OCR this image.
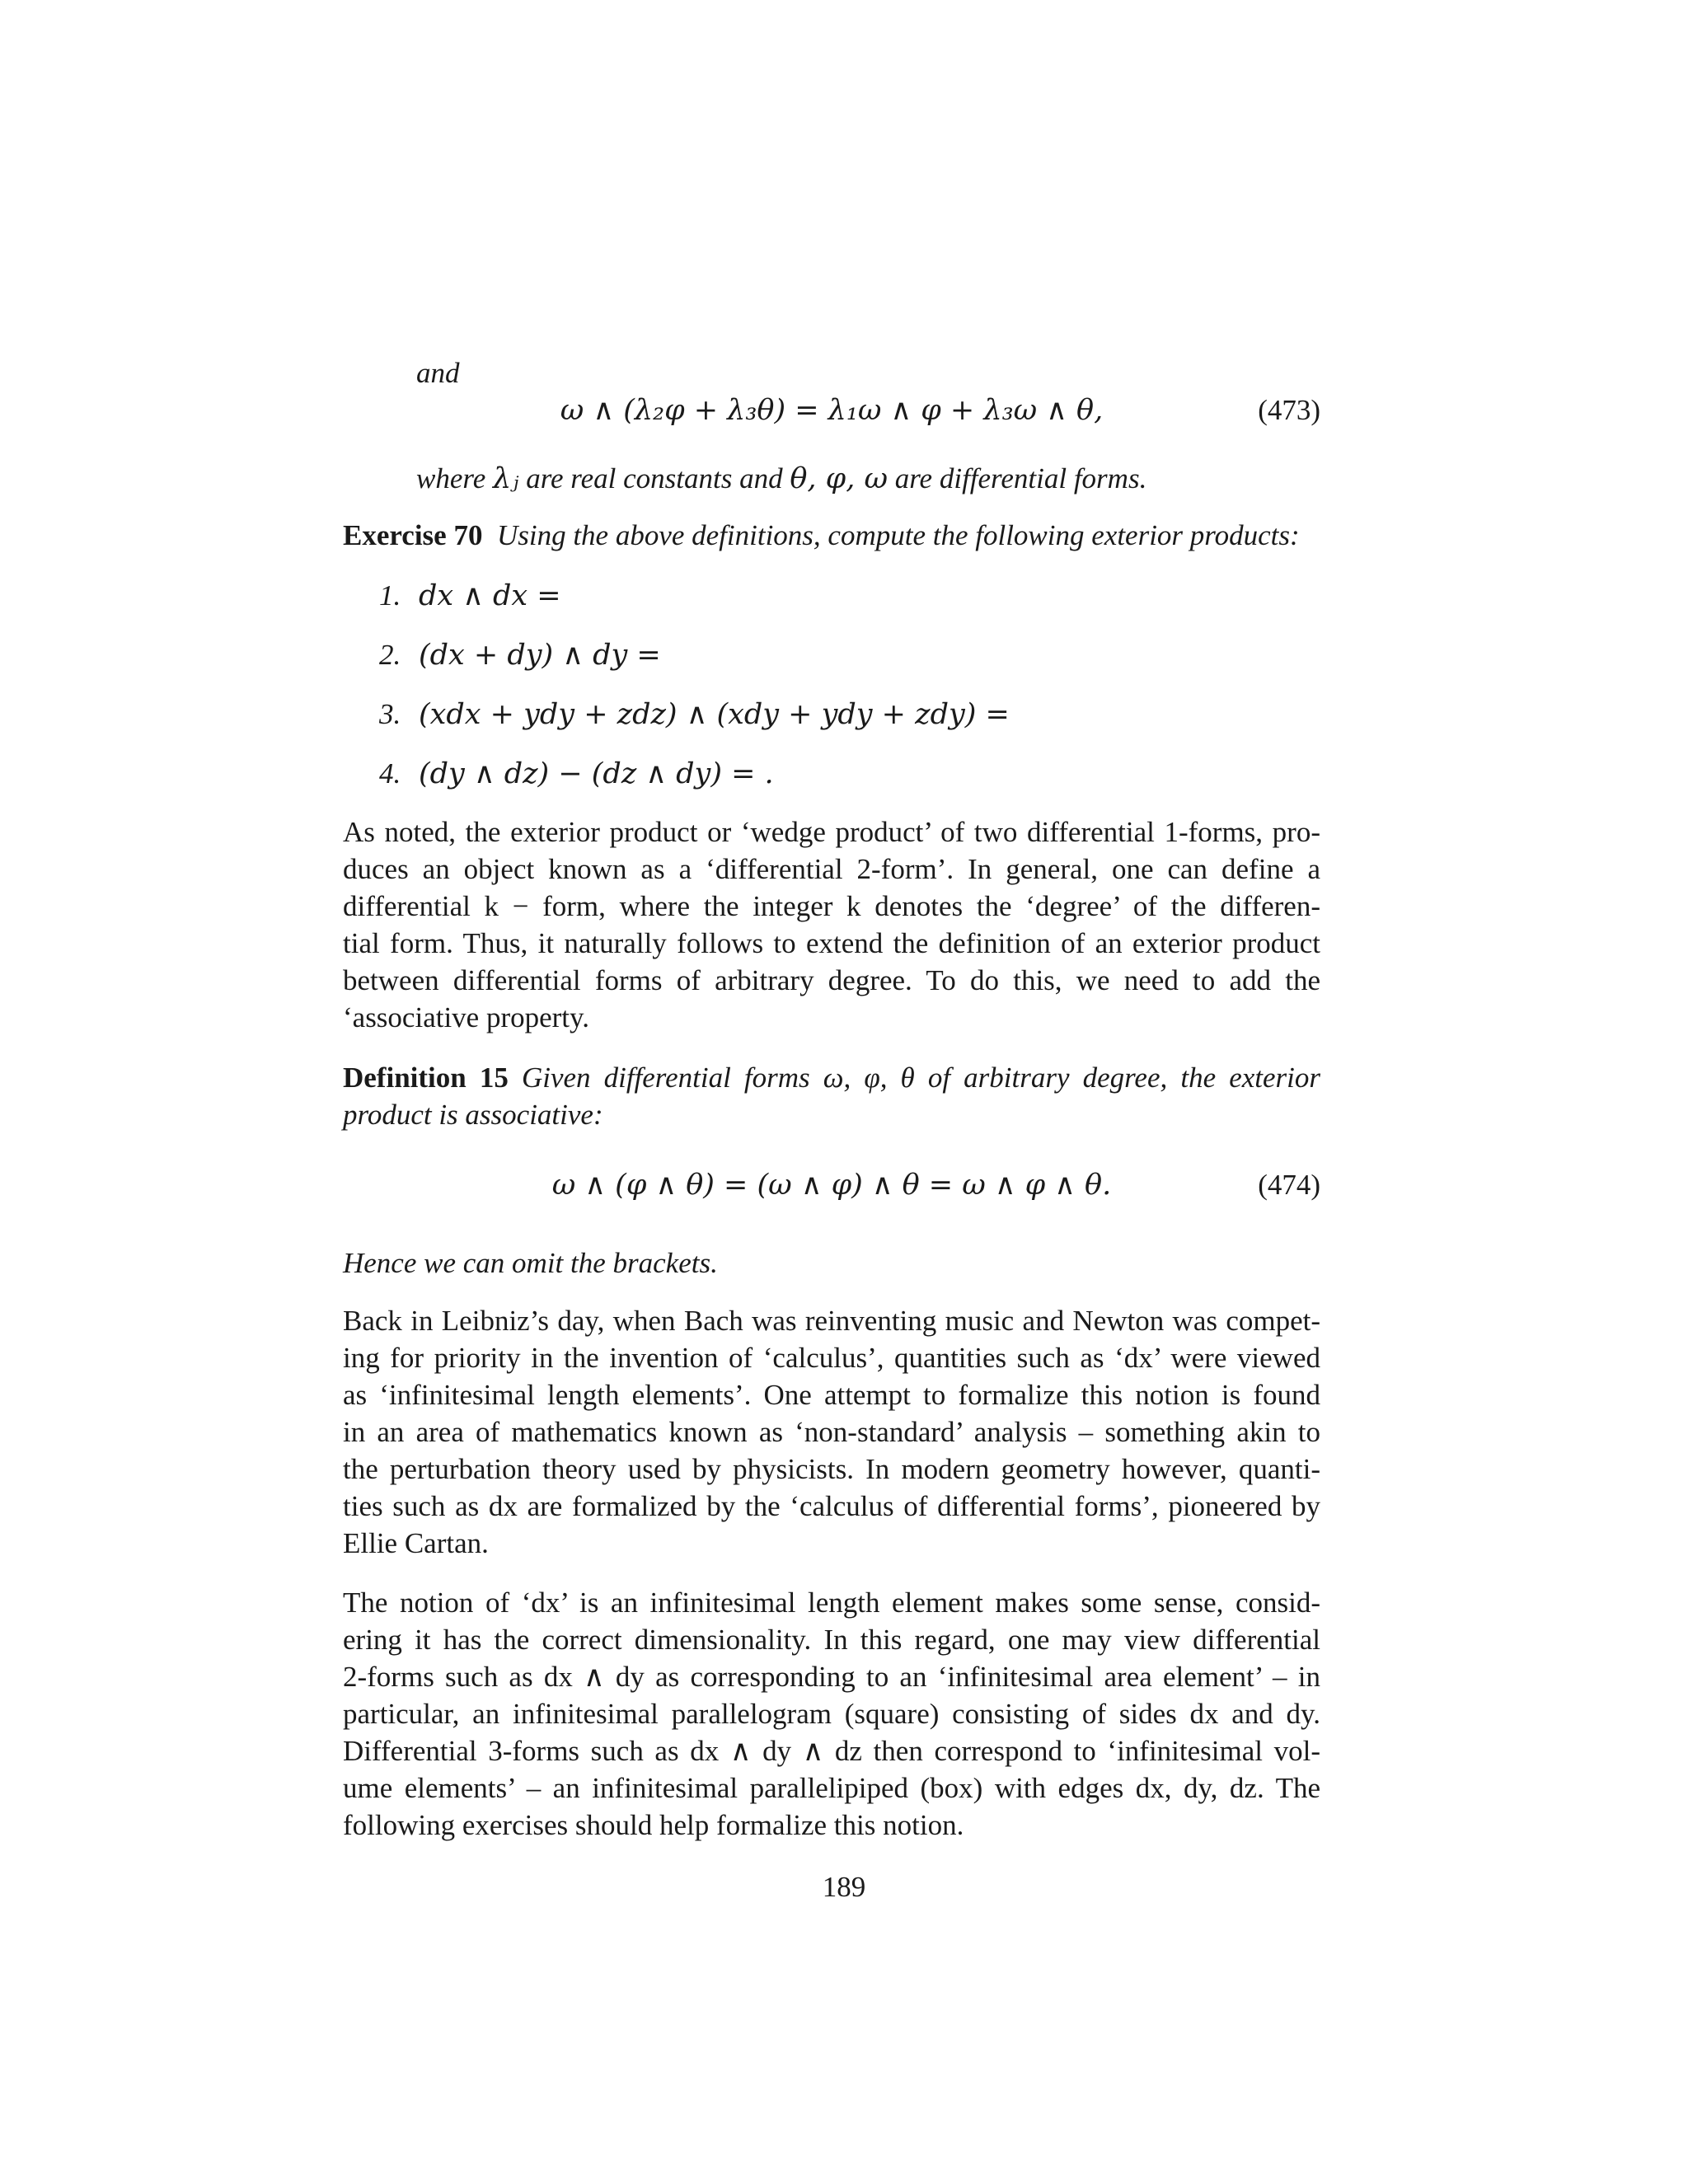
and
ω ∧ (λ₂φ + λ₃θ) = λ₁ω ∧ φ + λ₃ω ∧ θ,	(473)
where λⱼ are real constants and θ, φ, ω are differential forms.
Exercise 70 Using the above definitions, compute the following exterior products:
1. dx ∧ dx =
2. (dx + dy) ∧ dy =
3. (xdx + ydy + zdz) ∧ (xdy + ydy + zdy) =
4. (dy ∧ dz) − (dz ∧ dy) = .
As noted, the exterior product or ‘wedge product’ of two differential 1-forms, pro-
duces an object known as a ‘differential 2-form’. In general, one can define a
differential k − form, where the integer k denotes the ‘degree’ of the differen-
tial form. Thus, it naturally follows to extend the definition of an exterior product
between differential forms of arbitrary degree. To do this, we need to add the
‘associative property.
Definition 15 Given differential forms ω, φ, θ of arbitrary degree, the exterior
product is associative:
ω ∧ (φ ∧ θ) = (ω ∧ φ) ∧ θ = ω ∧ φ ∧ θ.	(474)
Hence we can omit the brackets.
Back in Leibniz’s day, when Bach was reinventing music and Newton was compet-
ing for priority in the invention of ‘calculus’, quantities such as ‘dx’ were viewed
as ‘infinitesimal length elements’. One attempt to formalize this notion is found
in an area of mathematics known as ‘non-standard’ analysis – something akin to
the perturbation theory used by physicists. In modern geometry however, quanti-
ties such as dx are formalized by the ‘calculus of differential forms’, pioneered by
Ellie Cartan.
The notion of ‘dx’ is an infinitesimal length element makes some sense, consid-
ering it has the correct dimensionality. In this regard, one may view differential
2-forms such as dx ∧ dy as corresponding to an ‘infinitesimal area element’ – in
particular, an infinitesimal parallelogram (square) consisting of sides dx and dy.
Differential 3-forms such as dx ∧ dy ∧ dz then correspond to ‘infinitesimal vol-
ume elements’ – an infinitesimal parallelipiped (box) with edges dx, dy, dz. The
following exercises should help formalize this notion.
189
